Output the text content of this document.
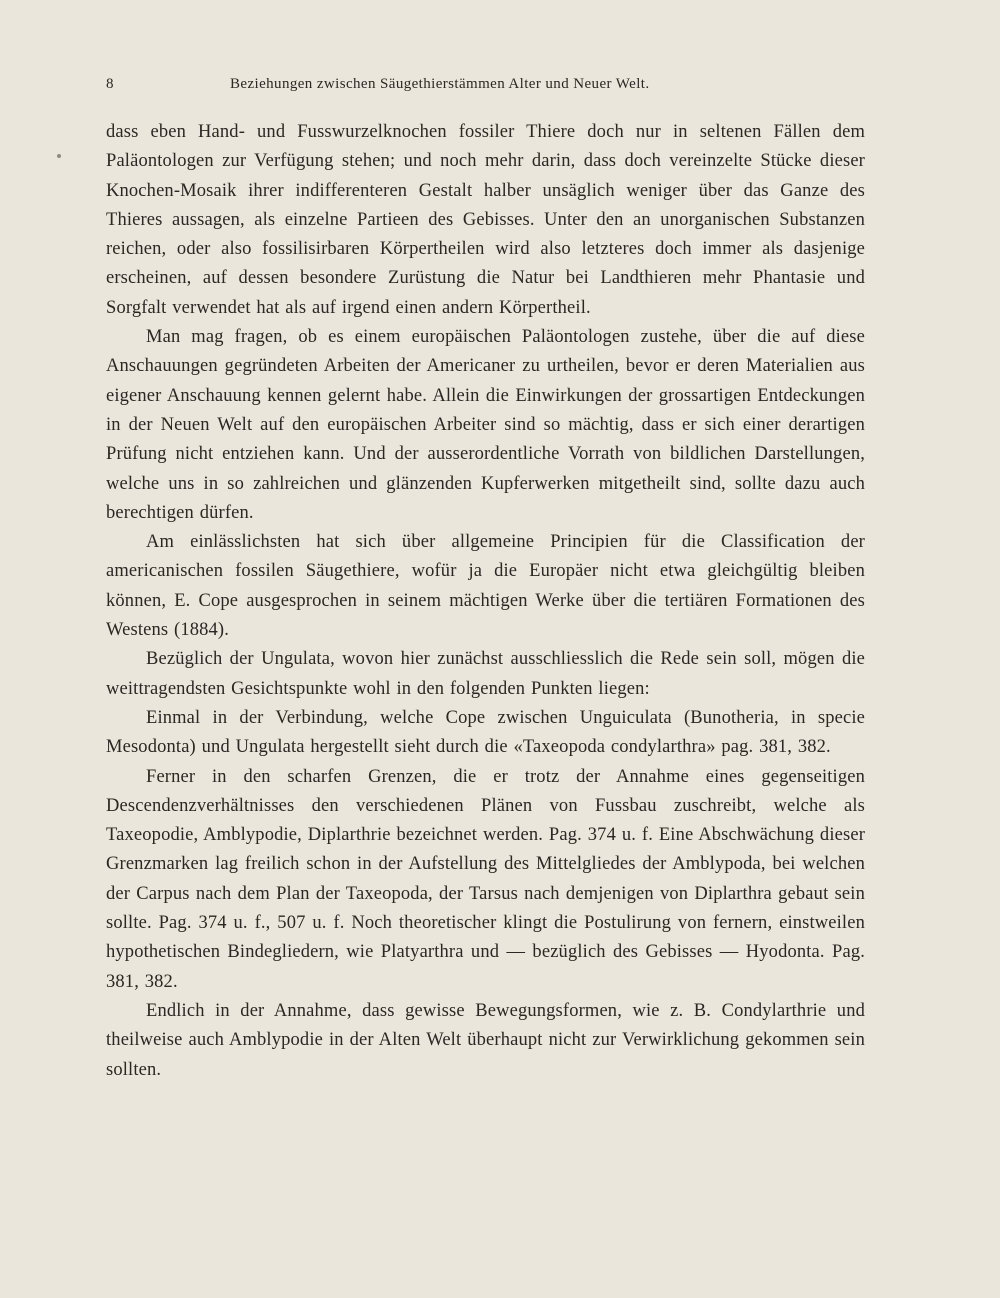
8	Beziehungen zwischen Säugethierstämmen Alter und Neuer Welt.

dass eben Hand- und Fusswurzelknochen fossiler Thiere doch nur in seltenen Fällen dem Paläontologen zur Verfügung stehen; und noch mehr darin, dass doch vereinzelte Stücke dieser Knochen-Mosaik ihrer indifferenteren Gestalt halber unsäglich weniger über das Ganze des Thieres aussagen, als einzelne Partieen des Gebisses. Unter den an unorganischen Substanzen reichen, oder also fossilisirbaren Körpertheilen wird also letzteres doch immer als dasjenige erscheinen, auf dessen besondere Zurüstung die Natur bei Landthieren mehr Phantasie und Sorgfalt verwendet hat als auf irgend einen andern Körpertheil.

Man mag fragen, ob es einem europäischen Paläontologen zustehe, über die auf diese Anschauungen gegründeten Arbeiten der Americaner zu urtheilen, bevor er deren Materialien aus eigener Anschauung kennen gelernt habe. Allein die Einwirkungen der grossartigen Entdeckungen in der Neuen Welt auf den europäischen Arbeiter sind so mächtig, dass er sich einer derartigen Prüfung nicht entziehen kann. Und der ausserordentliche Vorrath von bildlichen Darstellungen, welche uns in so zahlreichen und glänzenden Kupferwerken mitgetheilt sind, sollte dazu auch berechtigen dürfen.

Am einlässlichsten hat sich über allgemeine Principien für die Classification der americanischen fossilen Säugethiere, wofür ja die Europäer nicht etwa gleichgültig bleiben können, E. Cope ausgesprochen in seinem mächtigen Werke über die tertiären Formationen des Westens (1884).

Bezüglich der Ungulata, wovon hier zunächst ausschliesslich die Rede sein soll, mögen die weittragendsten Gesichtspunkte wohl in den folgenden Punkten liegen:

Einmal in der Verbindung, welche Cope zwischen Unguiculata (Bunotheria, in specie Mesodonta) und Ungulata hergestellt sieht durch die «Taxeopoda condylarthra» pag. 381, 382.

Ferner in den scharfen Grenzen, die er trotz der Annahme eines gegenseitigen Descendenzverhältnisses den verschiedenen Plänen von Fussbau zuschreibt, welche als Taxeopodie, Amblypodie, Diplarthrie bezeichnet werden. Pag. 374 u. f. Eine Abschwächung dieser Grenzmarken lag freilich schon in der Aufstellung des Mittelgliedes der Amblypoda, bei welchen der Carpus nach dem Plan der Taxeopoda, der Tarsus nach demjenigen von Diplarthra gebaut sein sollte. Pag. 374 u. f., 507 u. f. Noch theoretischer klingt die Postulirung von fernern, einstweilen hypothetischen Bindegliedern, wie Platyarthra und — bezüglich des Gebisses — Hyodonta. Pag. 381, 382.

Endlich in der Annahme, dass gewisse Bewegungsformen, wie z. B. Condylarthrie und theilweise auch Amblypodie in der Alten Welt überhaupt nicht zur Verwirklichung gekommen sein sollten.
